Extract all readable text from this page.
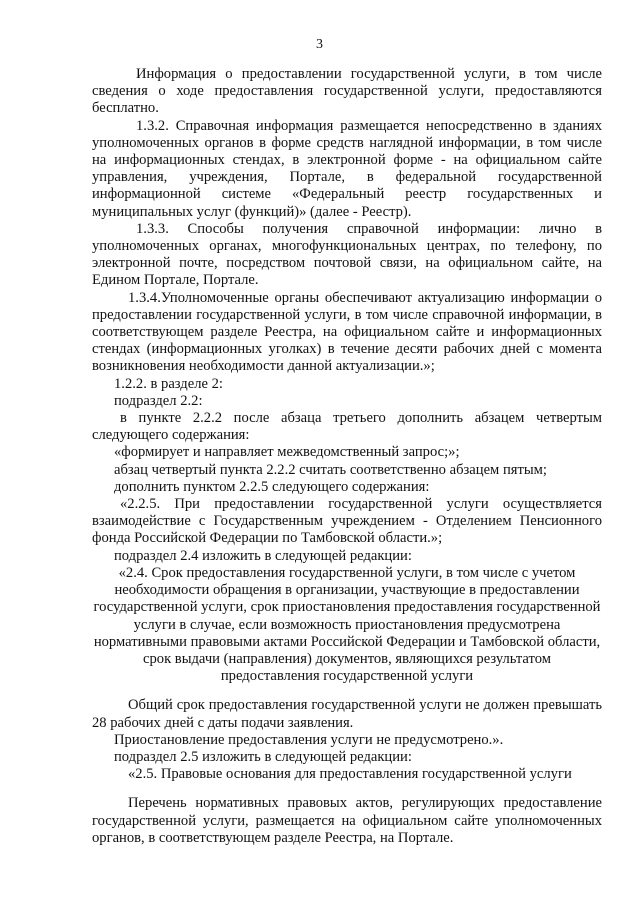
3

Информация о предоставлении государственной услуги, в том числе сведения о ходе предоставления государственной услуги, предоставляются бесплатно.

1.3.2. Справочная информация размещается непосредственно в зданиях уполномоченных органов в форме средств наглядной информации, в том числе на информационных стендах, в электронной форме - на официальном сайте управления, учреждения, Портале, в федеральной государственной информационной системе «Федеральный реестр государственных и муниципальных услуг (функций)» (далее - Реестр).

1.3.3. Способы получения справочной информации: лично в уполномоченных органах, многофункциональных центрах, по телефону, по электронной почте, посредством почтовой связи, на официальном сайте, на Едином Портале, Портале.

1.3.4.Уполномоченные органы обеспечивают актуализацию информации о предоставлении государственной услуги, в том числе справочной информации, в соответствующем разделе Реестра, на официальном сайте и информационных стендах (информационных уголках) в течение десяти рабочих дней с момента возникновения необходимости данной актуализации.»;

1.2.2. в разделе 2:

подраздел 2.2:

в пункте 2.2.2 после абзаца третьего дополнить абзацем четвертым следующего содержания:

«формирует и направляет межведомственный запрос;»;

абзац четвертый пункта 2.2.2 считать соответственно абзацем пятым;

дополнить пунктом 2.2.5 следующего содержания:

«2.2.5. При предоставлении государственной услуги осуществляется взаимодействие с Государственным учреждением - Отделением Пенсионного фонда Российской Федерации по Тамбовской области.»;

подраздел 2.4 изложить в следующей редакции:

«2.4. Срок предоставления государственной услуги, в том числе с учетом необходимости обращения в организации, участвующие в предоставлении государственной услуги, срок приостановления предоставления государственной услуги в случае, если возможность приостановления предусмотрена нормативными правовыми актами Российской Федерации и Тамбовской области, срок выдачи (направления) документов, являющихся результатом предоставления государственной услуги

Общий срок предоставления государственной услуги не должен превышать 28 рабочих дней с даты подачи заявления.

Приостановление предоставления услуги не предусмотрено.».

подраздел 2.5 изложить в следующей редакции:

«2.5. Правовые основания для предоставления государственной услуги

Перечень нормативных правовых актов, регулирующих предоставление государственной услуги, размещается на официальном сайте уполномоченных органов, в соответствующем разделе Реестра, на Портале.
